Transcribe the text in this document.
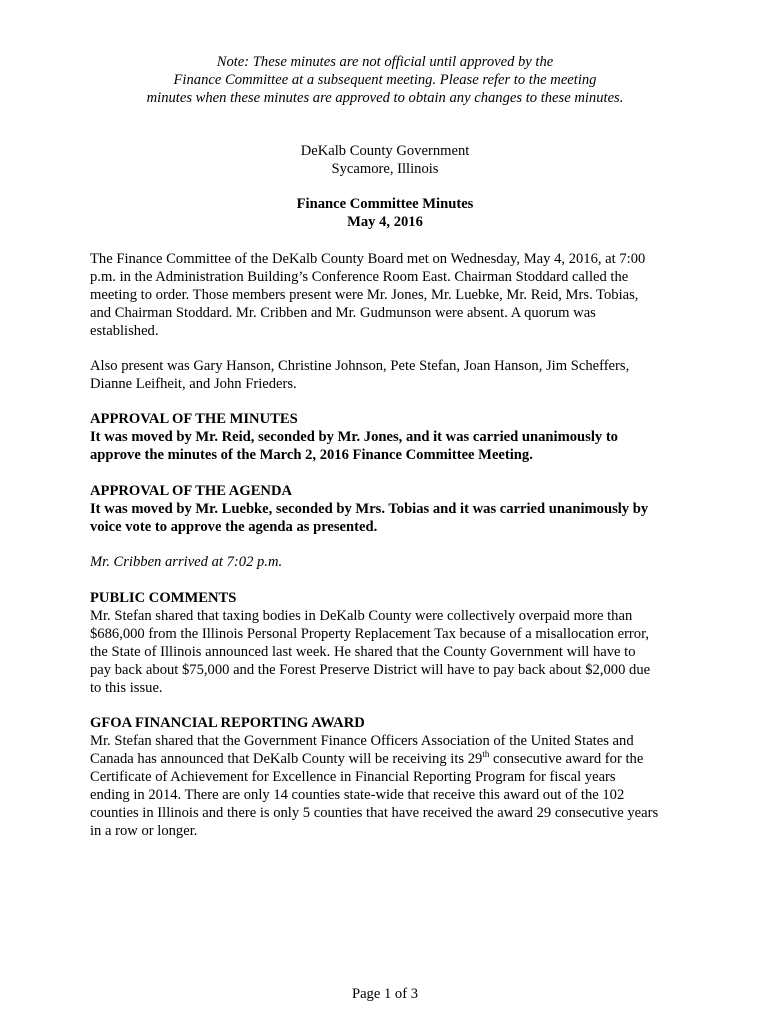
Note: These minutes are not official until approved by the
Finance Committee at a subsequent meeting. Please refer to the meeting
minutes when these minutes are approved to obtain any changes to these minutes.
DeKalb County Government
Sycamore, Illinois
Finance Committee Minutes
May 4, 2016
The Finance Committee of the DeKalb County Board met on Wednesday, May 4, 2016, at 7:00
p.m. in the Administration Building’s Conference Room East. Chairman Stoddard called the
meeting to order. Those members present were Mr. Jones, Mr. Luebke, Mr. Reid, Mrs. Tobias,
and Chairman Stoddard. Mr. Cribben and Mr. Gudmunson were absent. A quorum was
established.
Also present was Gary Hanson, Christine Johnson, Pete Stefan, Joan Hanson, Jim Scheffers,
Dianne Leifheit, and John Frieders.
APPROVAL OF THE MINUTES
It was moved by Mr. Reid, seconded by Mr. Jones, and it was carried unanimously to
approve the minutes of the March 2, 2016 Finance Committee Meeting.
APPROVAL OF THE AGENDA
It was moved by Mr. Luebke, seconded by Mrs. Tobias and it was carried unanimously by
voice vote to approve the agenda as presented.
Mr. Cribben arrived at 7:02 p.m.
PUBLIC COMMENTS
Mr. Stefan shared that taxing bodies in DeKalb County were collectively overpaid more than
$686,000 from the Illinois Personal Property Replacement Tax because of a misallocation error,
the State of Illinois announced last week. He shared that the County Government will have to
pay back about $75,000 and the Forest Preserve District will have to pay back about $2,000 due
to this issue.
GFOA FINANCIAL REPORTING AWARD
Mr. Stefan shared that the Government Finance Officers Association of the United States and
Canada has announced that DeKalb County will be receiving its 29th consecutive award for the
Certificate of Achievement for Excellence in Financial Reporting Program for fiscal years
ending in 2014. There are only 14 counties state-wide that receive this award out of the 102
counties in Illinois and there is only 5 counties that have received the award 29 consecutive years
in a row or longer.
Page 1 of 3
